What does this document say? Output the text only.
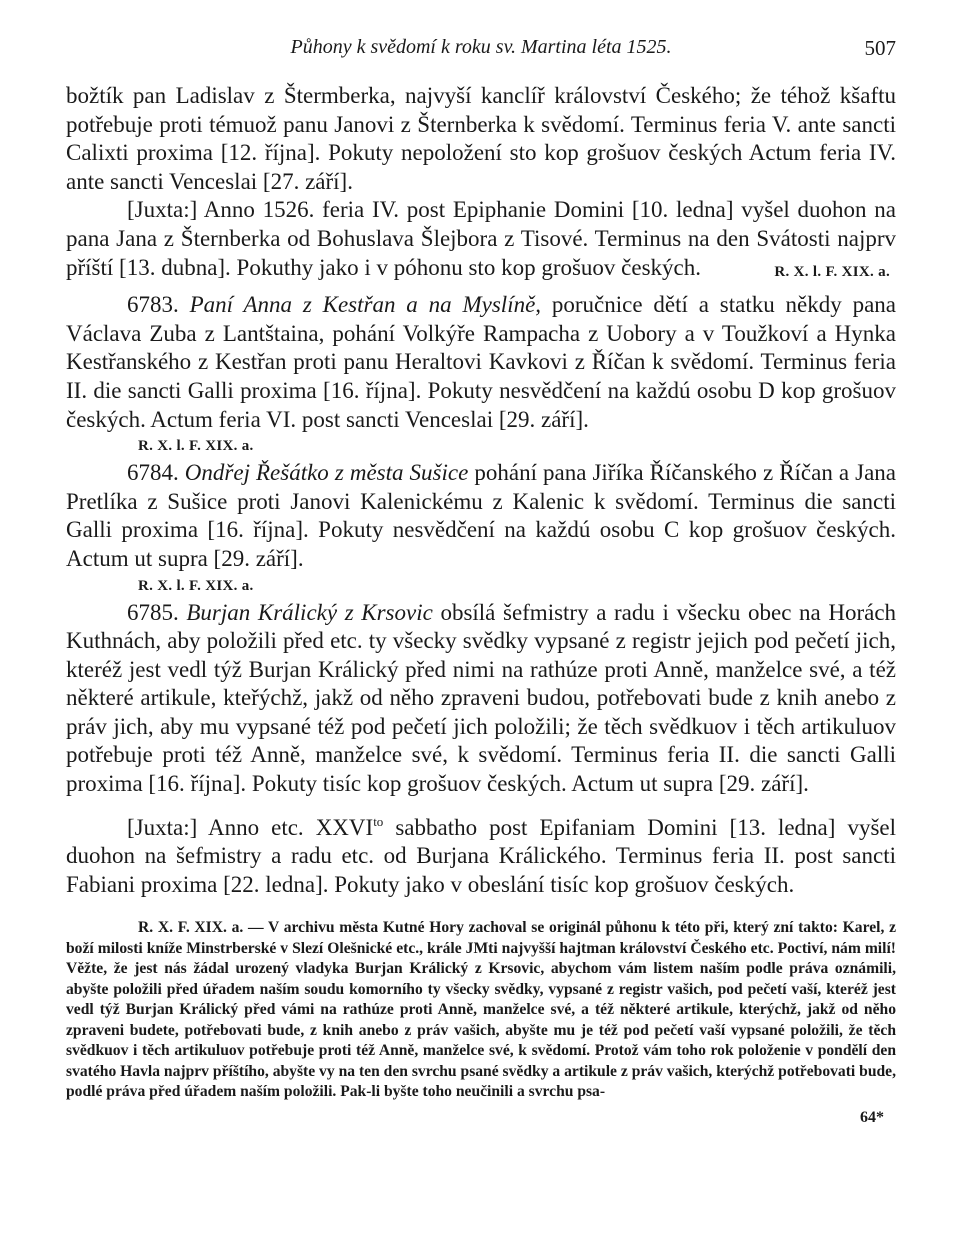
Půhony k svědomí k roku sv. Martina léta 1525.	507

božtík pan Ladislav z Štermberka, najvyší kanclíř království Českého; že téhož kšaftu potřebuje proti témuož panu Janovi z Šternberka k svědomí. Terminus feria V. ante sancti Calixti proxima [12. října]. Pokuty nepoložení sto kop grošuov českých Actum feria IV. ante sancti Venceslai [27. září].

[Juxta:] Anno 1526. feria IV. post Epiphanie Domini [10. ledna] vyšel duohon na pana Jana z Šternberka od Bohuslava Šlejbora z Tisové. Terminus na den Svátosti najprv příští [13. dubna]. Pokuthy jako i v póhonu sto kop grošuov českých.	R. X. l. F. XIX. a.

6783. Paní Anna z Kestřan a na Myslíně, poručnice dětí a statku někdy pana Václava Zuba z Lantštaina, pohání Volkýře Rampacha z Uobory a v Toužkoví a Hynka Kestřanského z Kestřan proti panu Heraltovi Kavkovi z Říčan k svědomí. Terminus feria II. die sancti Galli proxima [16. října]. Pokuty nesvědčení na každú osobu D kop grošuov českých. Actum feria VI. post sancti Venceslai [29. září].

R. X. l. F. XIX. a.

6784. Ondřej Řešátko z města Sušice pohání pana Jiříka Říčanského z Říčan a Jana Pretlíka z Sušice proti Janovi Kalenickému z Kalenic k svědomí. Terminus die sancti Galli proxima [16. října]. Pokuty nesvědčení na každú osobu C kop grošuov českých. Actum ut supra [29. září].

R. X. l. F. XIX. a.

6785. Burjan Králický z Krsovic obsílá šefmistry a radu i všecku obec na Horách Kuthnách, aby položili před etc. ty všecky svědky vypsané z registr jejich pod pečetí jich, kteréž jest vedl týž Burjan Králický před nimi na rathúze proti Anně, manželce své, a též některé artikule, kteřýchž, jakž od něho zpraveni budou, potřebovati bude z knih anebo z práv jich, aby mu vypsané též pod pečetí jich položili; že těch svědkuov i těch artikuluov potřebuje proti též Anně, manželce své, k svědomí. Terminus feria II. die sancti Galli proxima [16. října]. Pokuty tisíc kop grošuov českých. Actum ut supra [29. září].

[Juxta:] Anno etc. $XXVI^{to}$ sabbatho post Epifaniam Domini [13. ledna] vyšel duohon na šefmistry a radu etc. od Burjana Králického. Terminus feria II. post sancti Fabiani proxima [22. ledna]. Pokuty jako v obeslání tisíc kop grošuov českých.

R. X. F. XIX. a. — V archivu města Kutné Hory zachoval se originál půhonu k této při, který zní takto: Karel, z boží milosti kníže Minstrberské v Slezí Olešnické etc., krále JMti najvyšší hajtman království Českého etc. Poctiví, nám milí! Věžte, že jest nás žádal urozený vladyka Burjan Králický z Krsovic, abychom vám listem naším podle práva oznámili, abyšte položili před úřadem naším soudu komorního ty všecky svědky, vypsané z registr vašich, pod pečetí vaší, kteréž jest vedl týž Burjan Králický před vámi na rathúze proti Anně, manželce své, a též některé artikule, kterýchž, jakž od něho zpraveni budete, potřebovati bude, z knih anebo z práv vašich, abyšte mu je též pod pečetí vaší vypsané položili, že těch svědkuov i těch artikuluov potřebuje proti též Anně, manželce své, k svědomí. Protož vám toho rok položenie v pondělí den svatého Havla najprv příštího, abyšte vy na ten den svrchu psané svědky a artikule z práv vašich, kterýchž potřebovati bude, podlé práva před úřadem naším položili. Pak-li byšte toho neučinili a svrchu psa-
64*
